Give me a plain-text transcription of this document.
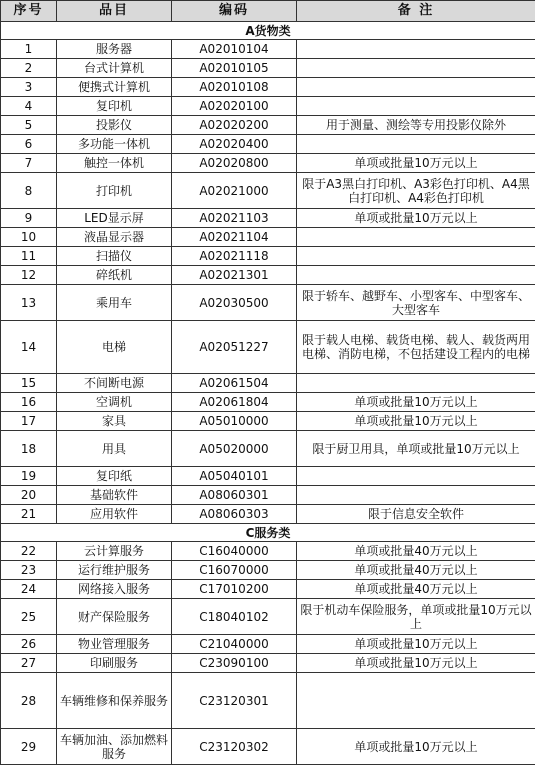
序号	品目	编码	备 注
A货物类			
1	服务器	A02010104	
2	台式计算机	A02010105	
3	便携式计算机	A02010108	
4	复印机	A02020100	
5	投影仪	A02020200	用于测量、测绘等专用投影仪除外
6	多功能一体机	A02020400	
7	触控一体机	A02020800	单项或批量10万元以上
8	打印机	A02021000	限于A3黑白打印机、A3彩色打印机、A4黑白打印机、A4彩色打印机
9	LED显示屏	A02021103	单项或批量10万元以上
10	液晶显示器	A02021104	
11	扫描仪	A02021118	
12	碎纸机	A02021301	
13	乘用车	A02030500	限于轿车、越野车、小型客车、中型客车、大型客车
14	电梯	A02051227	限于载人电梯、载货电梯、载人、载货两用电梯、消防电梯，不包括建设工程内的电梯
15	不间断电源	A02061504	
16	空调机	A02061804	单项或批量10万元以上
17	家具	A05010000	单项或批量10万元以上
18	用具	A05020000	限于厨卫用具，单项或批量10万元以上
19	复印纸	A05040101	
20	基础软件	A08060301	
21	应用软件	A08060303	限于信息安全软件
C服务类			
22	云计算服务	C16040000	单项或批量40万元以上
23	运行维护服务	C16070000	单项或批量40万元以上
24	网络接入服务	C17010200	单项或批量40万元以上
25	财产保险服务	C18040102	限于机动车保险服务，单项或批量10万元以上
26	物业管理服务	C21040000	单项或批量10万元以上
27	印刷服务	C23090100	单项或批量10万元以上
28	车辆维修和保养服务	C23120301	
29	车辆加油、添加燃料服务	C23120302	单项或批量10万元以上
